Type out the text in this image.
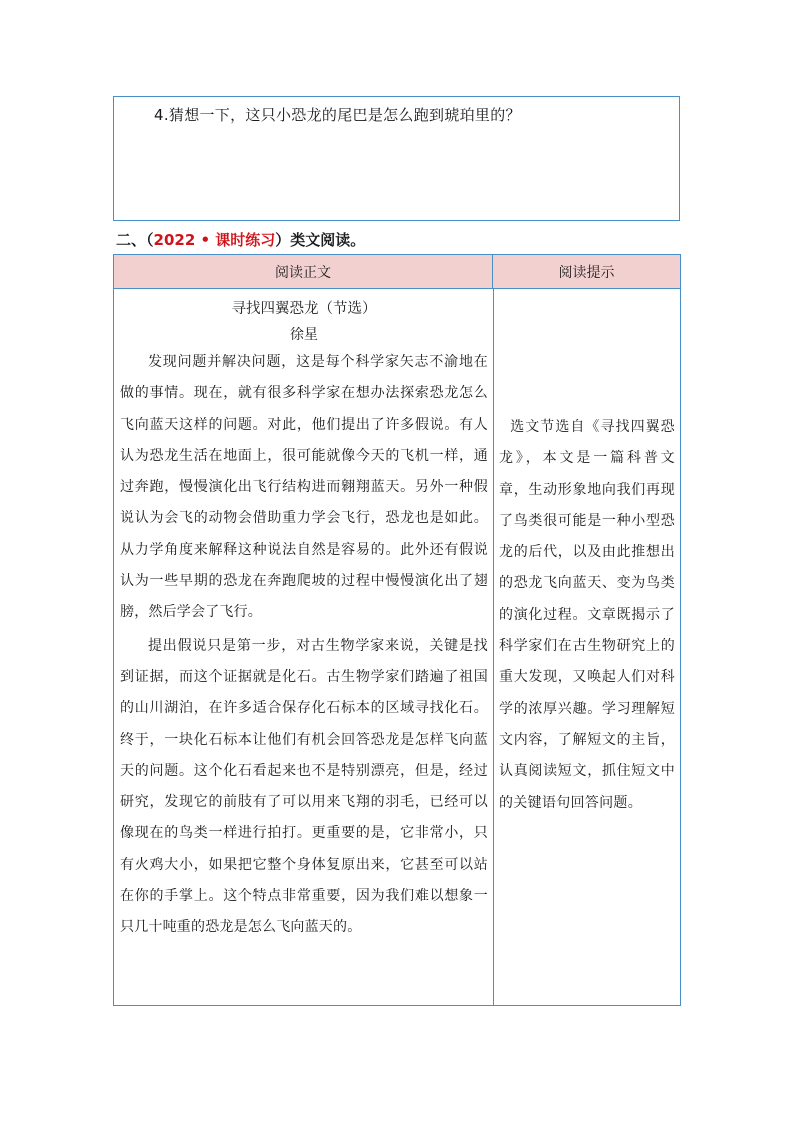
4.猜想一下，这只小恐龙的尾巴是怎么跑到琥珀里的？
二、（2022 • 课时练习）类文阅读。
阅读正文	阅读提示
寻找四翼恐龙（节选）
徐星

发现问题并解决问题，这是每个科学家矢志不渝地在做的事情。现在，就有很多科学家在想办法探索恐龙怎么飞向蓝天这样的问题。对此，他们提出了许多假说。有人认为恐龙生活在地面上，很可能就像今天的飞机一样，通过奔跑，慢慢演化出飞行结构进而翱翔蓝天。另外一种假说认为会飞的动物会借助重力学会飞行，恐龙也是如此。从力学角度来解释这种说法自然是容易的。此外还有假说认为一些早期的恐龙在奔跑爬坡的过程中慢慢演化出了翅膀，然后学会了飞行。

提出假说只是第一步，对古生物学家来说，关键是找到证据，而这个证据就是化石。古生物学家们踏遍了祖国的山川湖泊，在许多适合保存化石标本的区域寻找化石。终于，一块化石标本让他们有机会回答恐龙是怎样飞向蓝天的问题。这个化石看起来也不是特别漂亮，但是，经过研究，发现它的前肢有了可以用来飞翔的羽毛，已经可以像现在的鸟类一样进行拍打。更重要的是，它非常小，只有火鸡大小，如果把它整个身体复原出来，它甚至可以站在你的手掌上。这个特点非常重要，因为我们难以想象一只几十吨重的恐龙是怎么飞向蓝天的。

选文节选自《寻找四翼恐龙》，本文是一篇科普文章，生动形象地向我们再现了鸟类很可能是一种小型恐龙的后代，以及由此推想出的恐龙飞向蓝天、变为鸟类的演化过程。文章既揭示了科学家们在古生物研究上的重大发现，又唤起人们对科学的浓厚兴趣。学习理解短文内容，了解短文的主旨，认真阅读短文，抓住短文中的关键语句回答问题。
